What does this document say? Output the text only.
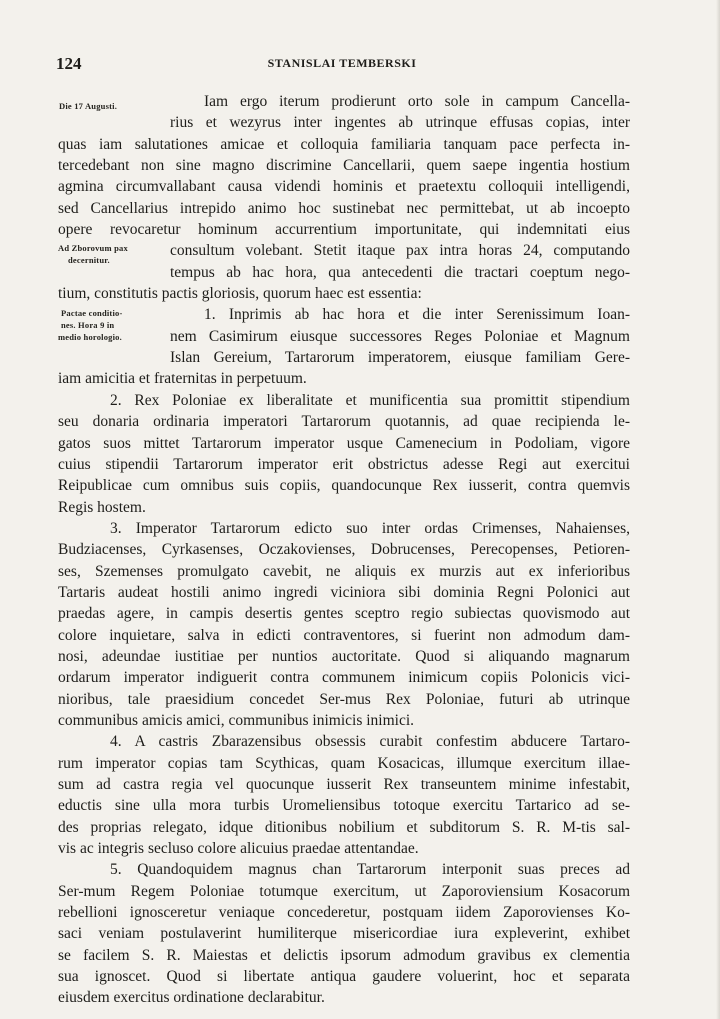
124	STANISLAI TEMBERSKI
Die 17 Augusti.
Ad Zborovum pax
decernitur.
Pactae conditio-
nes. Hora 9 in
medio horologio.
Iam ergo iterum prodierunt orto sole in campum Cancella-
rius et wezyrus inter ingentes ab utrinque effusas copias, inter
quas iam salutationes amicae et colloquia familiaria tanquam pace perfecta in-
tercedebant non sine magno discrimine Cancellarii, quem saepe ingentia hostium
agmina circumvallabant causa videndi hominis et praetextu colloquii intelligendi,
sed Cancellarius intrepido animo hoc sustinebat nec permittebat, ut ab incoepto
opere revocaretur hominum accurrentium importunitate, qui indemnitati eius
consultum volebant. Stetit itaque pax intra horas 24, computando
tempus ab hac hora, qua antecedenti die tractari coeptum nego-
tium, constitutis pactis gloriosis, quorum haec est essentia:
1. Inprimis ab hac hora et die inter Serenissimum Ioan-
nem Casimirum eiusque successores Reges Poloniae et Magnum
Islan Gereium, Tartarorum imperatorem, eiusque familiam Gere-
iam amicitia et fraternitas in perpetuum.
2. Rex Poloniae ex liberalitate et munificentia sua promittit stipendium
seu donaria ordinaria imperatori Tartarorum quotannis, ad quae recipienda le-
gatos suos mittet Tartarorum imperator usque Camenecium in Podoliam, vigore
cuius stipendii Tartarorum imperator erit obstrictus adesse Regi aut exercitui
Reipublicae cum omnibus suis copiis, quandocunque Rex iusserit, contra quemvis
Regis hostem.
3. Imperator Tartarorum edicto suo inter ordas Crimenses, Nahaienses,
Budziacenses, Cyrkasenses, Oczakovienses, Dobrucenses, Perecopenses, Petioren-
ses, Szemenses promulgato cavebit, ne aliquis ex murzis aut ex inferioribus
Tartaris audeat hostili animo ingredi viciniora sibi dominia Regni Polonici aut
praedas agere, in campis desertis gentes sceptro regio subiectas quovismodo aut
colore inquietare, salva in edicti contraventores, si fuerint non admodum dam-
nosi, adeundae iustitiae per nuntios auctoritate. Quod si aliquando magnarum
ordarum imperator indiguerit contra communem inimicum copiis Polonicis vici-
nioribus, tale praesidium concedet Ser-mus Rex Poloniae, futuri ab utrinque
communibus amicis amici, communibus inimicis inimici.
4. A castris Zbarazensibus obsessis curabit confestim abducere Tartaro-
rum imperator copias tam Scythicas, quam Kosacicas, illumque exercitum illae-
sum ad castra regia vel quocunque iusserit Rex transeuntem minime infestabit,
eductis sine ulla mora turbis Uromeliensibus totoque exercitu Tartarico ad se-
des proprias relegato, idque ditionibus nobilium et subditorum S. R. M-tis sal-
vis ac integris secluso colore alicuius praedae attentandae.
5. Quandoquidem magnus chan Tartarorum interponit suas preces ad
Ser-mum Regem Poloniae totumque exercitum, ut Zaporoviensium Kosacorum
rebellioni ignosceretur veniaque concederetur, postquam iidem Zaporovienses Ko-
saci veniam postulaverint humiliterque misericordiae iura expleverint, exhibet
se facilem S. R. Maiestas et delictis ipsorum admodum gravibus ex clementia
sua ignoscet. Quod si libertate antiqua gaudere voluerint, hoc et separata
eiusdem exercitus ordinatione declarabitur.
